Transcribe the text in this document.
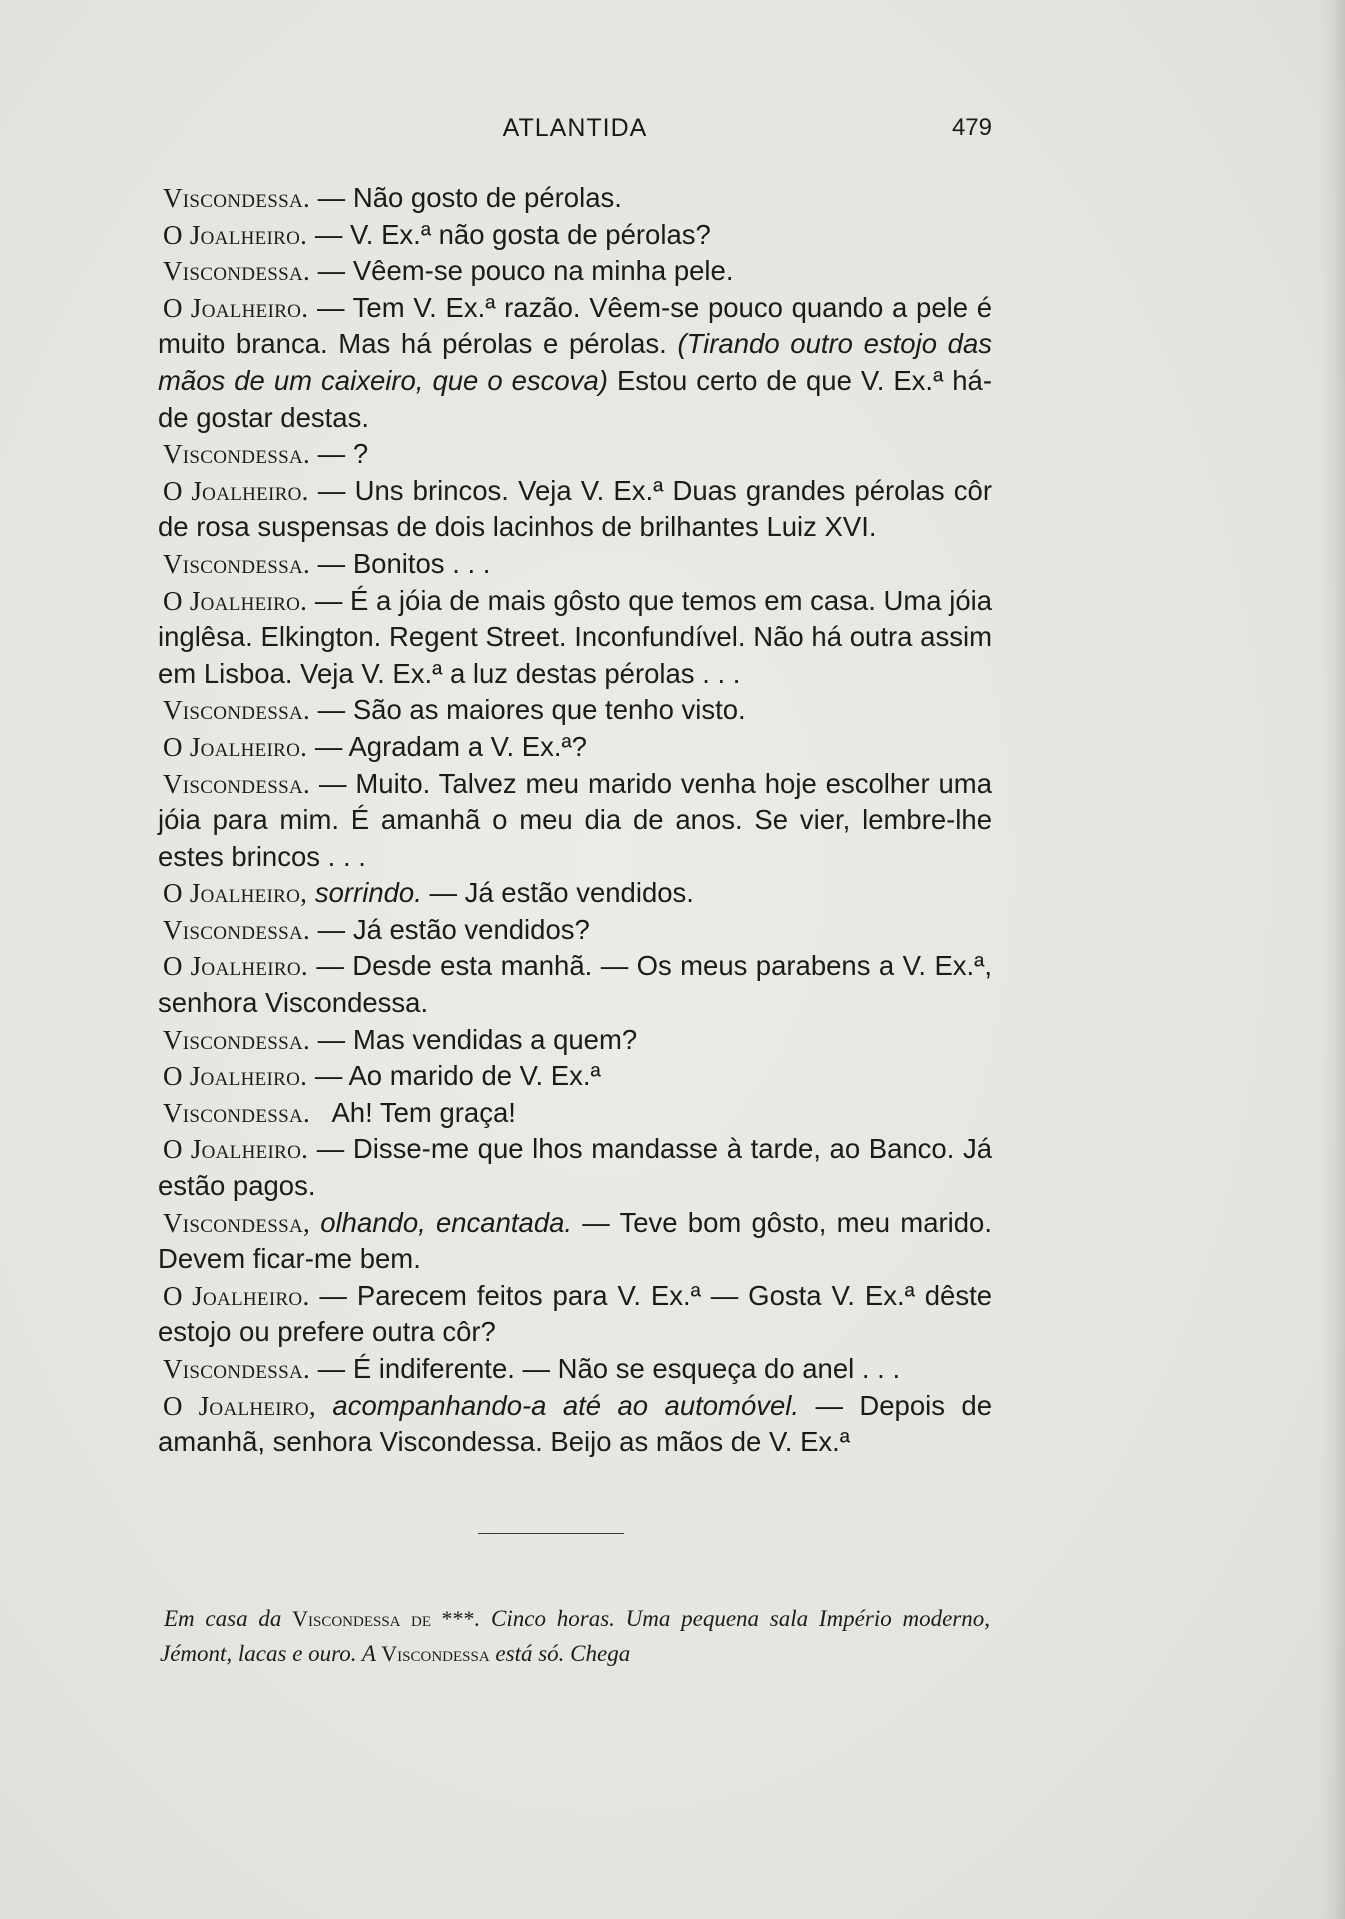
ATLANTIDA	479

Viscondessa. — Não gosto de pérolas.

O Joalheiro. — V. Ex.ª não gosta de pérolas?

Viscondessa. — Vêem-se pouco na minha pele.

O Joalheiro. — Tem V. Ex.ª razão. Vêem-se pouco quando a pele é muito branca. Mas há pérolas e pérolas. (Tirando outro estojo das mãos de um caixeiro, que o escova) Estou certo de que V. Ex.ª há-de gostar destas.

Viscondessa. — ?

O Joalheiro. — Uns brincos. Veja V. Ex.ª Duas grandes pérolas côr de rosa suspensas de dois lacinhos de brilhantes Luiz XVI.

Viscondessa. — Bonitos . . .

O Joalheiro. — É a jóia de mais gôsto que temos em casa. Uma jóia inglêsa. Elkington. Regent Street. Inconfundível. Não há outra assim em Lisboa. Veja V. Ex.ª a luz destas pérolas . . .

Viscondessa. — São as maiores que tenho visto.

O Joalheiro. — Agradam a V. Ex.ª?

Viscondessa. — Muito. Talvez meu marido venha hoje escolher uma jóia para mim. É amanhã o meu dia de anos. Se vier, lembre-lhe estes brincos . . .

O Joalheiro, sorrindo. — Já estão vendidos.

Viscondessa. — Já estão vendidos?

O Joalheiro. — Desde esta manhã. — Os meus parabens a V. Ex.ª, senhora Viscondessa.

Viscondessa. — Mas vendidas a quem?

O Joalheiro. — Ao marido de V. Ex.ª

Viscondessa. Ah! Tem graça!

O Joalheiro. — Disse-me que lhos mandasse à tarde, ao Banco. Já estão pagos.

Viscondessa, olhando, encantada. — Teve bom gôsto, meu marido. Devem ficar-me bem.

O Joalheiro. — Parecem feitos para V. Ex.ª — Gosta V. Ex.ª dêste estojo ou prefere outra côr?

Viscondessa. — É indiferente. — Não se esqueça do anel . . .

O Joalheiro, acompanhando-a até ao automóvel. — Depois de amanhã, senhora Viscondessa. Beijo as mãos de V. Ex.ª

Em casa da Viscondessa de ***. Cinco horas. Uma pequena sala Império moderno, Jémont, lacas e ouro. A Viscondessa está só. Chega
